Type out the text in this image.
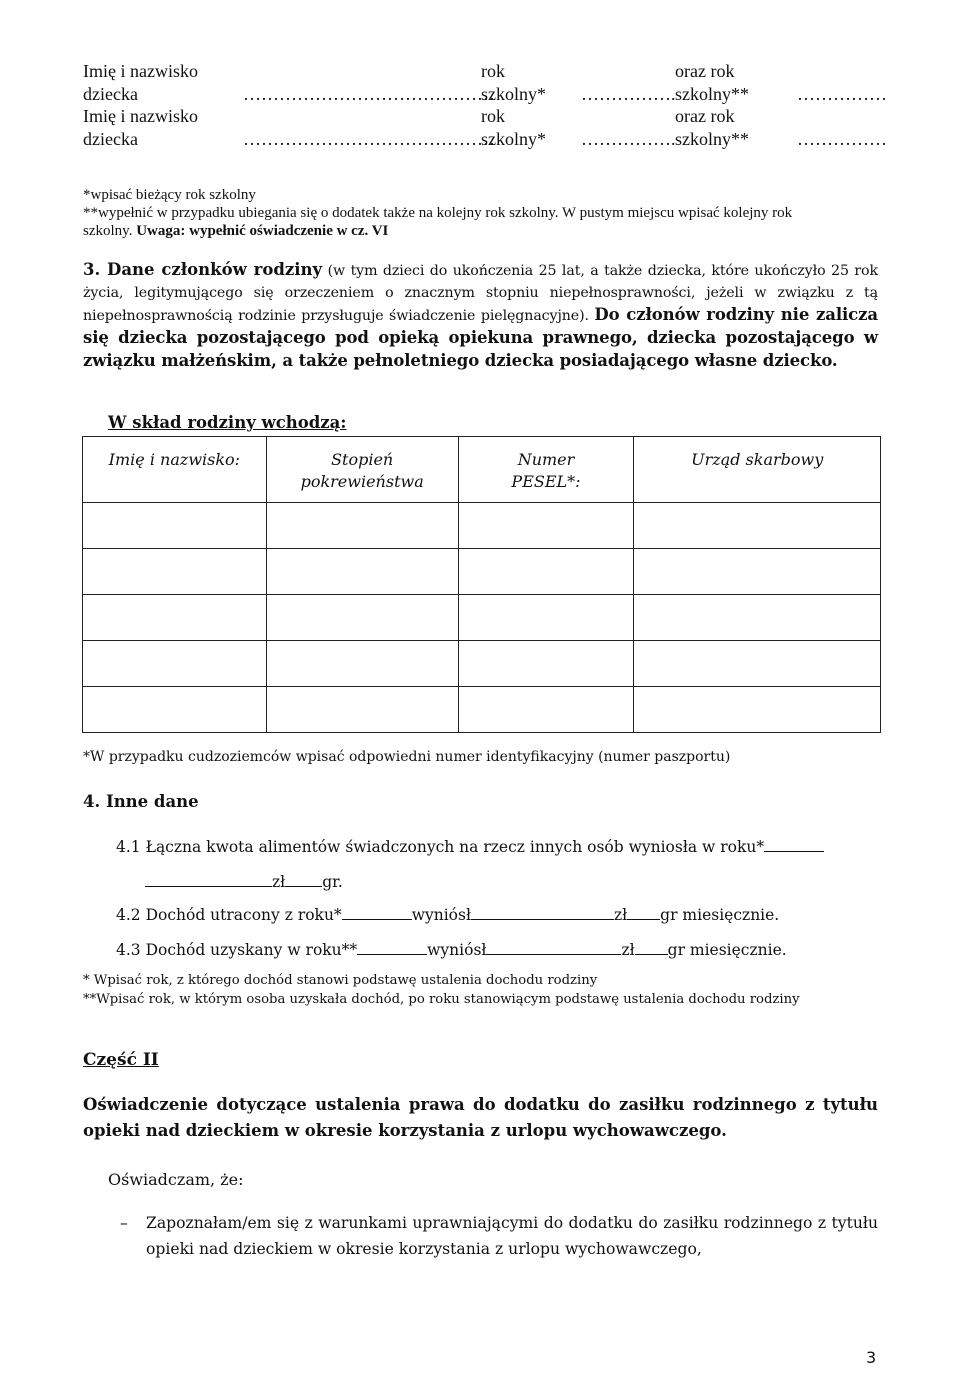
Imię i nazwisko	rok	oraz rok
dziecka	……………………………………
szkolny* ……………. szkolny**	……………
Imię i nazwisko	rok	oraz rok
dziecka	……………………………………
szkolny* ……………. szkolny**	……………
*wpisać bieżący rok szkolny
**wypełnić w przypadku ubiegania się o dodatek także na kolejny rok szkolny. W pustym miejscu wpisać kolejny rok
szkolny. Uwaga: wypełnić oświadczenie w cz. VI
3. Dane członków rodziny (w tym dzieci do ukończenia 25 lat, a także dziecka, które ukończyło 25 rok życia, legitymującego się orzeczeniem o znacznym stopniu niepełnosprawności, jeżeli w związku z tą niepełnosprawnością rodzinie przysługuje świadczenie pielęgnacyjne). Do członów rodziny nie zalicza się dziecka pozostającego pod opieką opiekuna prawnego, dziecka pozostającego w związku małżeńskim, a także pełnoletniego dziecka posiadającego własne dziecko.
W skład rodziny wchodzą:
Imię i nazwisko:	Stopień pokrewieństwa	Numer PESEL*:	Urząd skarbowy

*W przypadku cudzoziemców wpisać odpowiedni numer identyfikacyjny (numer paszportu)
4. Inne dane
4.1 Łączna kwota alimentów świadczonych na rzecz innych osób wyniosła w roku*
zł gr.
4.2 Dochód utracony z roku*	wyniósł	zł gr miesięcznie.
4.3 Dochód uzyskany w roku**	wyniósł	zł gr miesięcznie.
* Wpisać rok, z którego dochód stanowi podstawę ustalenia dochodu rodziny
**Wpisać rok, w którym osoba uzyskała dochód, po roku stanowiącym podstawę ustalenia dochodu rodziny
Część II
Oświadczenie dotyczące ustalenia prawa do dodatku do zasiłku rodzinnego z tytułu opieki nad dzieckiem w okresie korzystania z urlopu wychowawczego.
Oświadczam, że:
– Zapoznałam/em się z warunkami uprawniającymi do dodatku do zasiłku rodzinnego z tytułu opieki nad dzieckiem w okresie korzystania z urlopu wychowawczego,
3
